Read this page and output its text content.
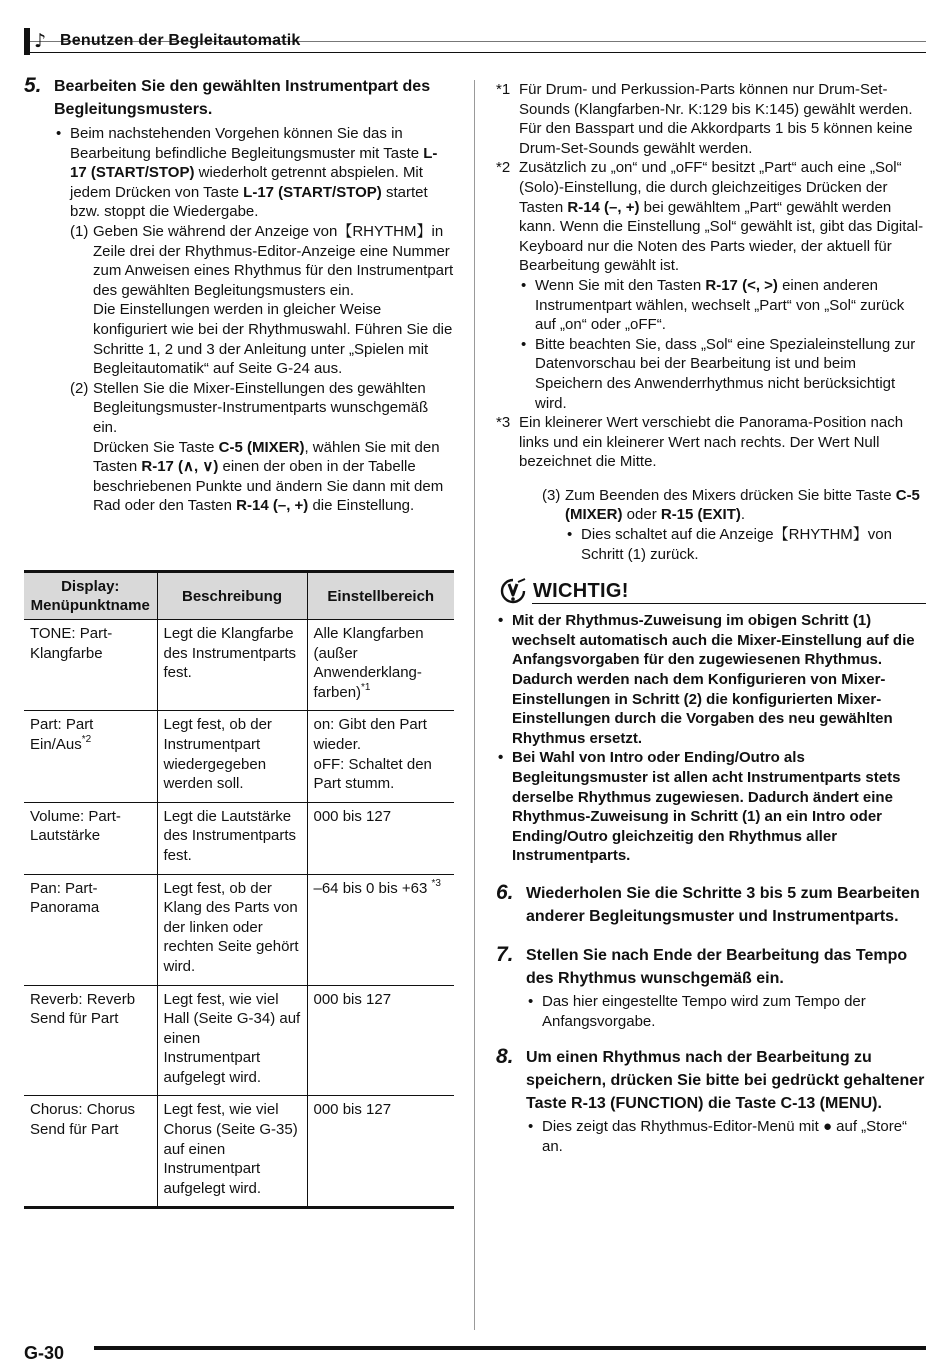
♪ Benutzen der Begleitautomatik
5. Bearbeiten Sie den gewählten Instrumentpart des Begleitungsmusters.
• Beim nachstehenden Vorgehen können Sie das in Bearbeitung befindliche Begleitungsmuster mit Taste L-17 (START/STOP) wiederholt getrennt abspielen. Mit jedem Drücken von Taste L-17 (START/STOP) startet bzw. stoppt die Wiedergabe.
(1) Geben Sie während der Anzeige von【RHYTHM】in Zeile drei der Rhythmus-Editor-Anzeige eine Nummer zum Anweisen eines Rhythmus für den Instrumentpart des gewählten Begleitungsmusters ein.
Die Einstellungen werden in gleicher Weise konfiguriert wie bei der Rhythmuswahl. Führen Sie die Schritte 1, 2 und 3 der Anleitung unter „Spielen mit Begleitautomatik“ auf Seite G-24 aus.
(2) Stellen Sie die Mixer-Einstellungen des gewählten Begleitungsmuster-Instrumentparts wunschgemäß ein.
Drücken Sie Taste C-5 (MIXER), wählen Sie mit den Tasten R-17 (∧, ∨) einen der oben in der Tabelle beschriebenen Punkte und ändern Sie dann mit dem Rad oder den Tasten R-14 (–, +) die Einstellung.
Display: Menüpunktname	Beschreibung	Einstellbereich
TONE: Part-Klangfarbe	Legt die Klangfarbe des Instrumentparts fest.	Alle Klangfarben (außer Anwenderklang-farben)$^{*1}$
Part: Part Ein/Aus$^{*2}$	Legt fest, ob der Instrumentpart wiedergegeben werden soll.	on: Gibt den Part wieder.
oFF: Schaltet den Part stumm.

Volume: Part-Lautstärke	Legt die Lautstärke des Instrumentparts fest.	000 bis 127
Pan: Part-Panorama	Legt fest, ob der Klang des Parts von der linken oder rechten Seite gehört wird.	–64 bis 0 bis +63 $^{*3}$
Reverb: Reverb Send für Part	Legt fest, wie viel Hall (Seite G-34) auf einen Instrumentpart aufgelegt wird.	000 bis 127
Chorus: Chorus Send für Part	Legt fest, wie viel Chorus (Seite G-35) auf einen Instrumentpart aufgelegt wird.	000 bis 127
*1 Für Drum- und Perkussion-Parts können nur Drum-Set-Sounds (Klangfarben-Nr. K:129 bis K:145) gewählt werden. Für den Basspart und die Akkordparts 1 bis 5 können keine Drum-Set-Sounds gewählt werden.
*2 Zusätzlich zu „on“ und „oFF“ besitzt „Part“ auch eine „Sol“ (Solo)-Einstellung, die durch gleichzeitiges Drücken der Tasten R-14 (–, +) bei gewähltem „Part“ gewählt werden kann. Wenn die Einstellung „Sol“ gewählt ist, gibt das Digital-Keyboard nur die Noten des Parts wieder, der aktuell für Bearbeitung gewählt ist.
• Wenn Sie mit den Tasten R-17 (<, >) einen anderen Instrumentpart wählen, wechselt „Part“ von „Sol“ zurück auf „on“ oder „oFF“.
• Bitte beachten Sie, dass „Sol“ eine Spezialeinstellung zur Datenvorschau bei der Bearbeitung ist und beim Speichern des Anwenderrhythmus nicht berücksichtigt wird.
*3 Ein kleinerer Wert verschiebt die Panorama-Position nach links und ein kleinerer Wert nach rechts. Der Wert Null bezeichnet die Mitte.
(3) Zum Beenden des Mixers drücken Sie bitte Taste C-5 (MIXER) oder R-15 (EXIT).
• Dies schaltet auf die Anzeige【RHYTHM】von Schritt (1) zurück.
WICHTIG!
• Mit der Rhythmus-Zuweisung im obigen Schritt (1) wechselt automatisch auch die Mixer-Einstellung auf die Anfangsvorgaben für den zugewiesenen Rhythmus. Dadurch werden nach dem Konfigurieren von Mixer-Einstellungen in Schritt (2) die konfigurierten Mixer-Einstellungen durch die Vorgaben des neu gewählten Rhythmus ersetzt.
• Bei Wahl von Intro oder Ending/Outro als Begleitungsmuster ist allen acht Instrumentparts stets derselbe Rhythmus zugewiesen. Dadurch ändert eine Rhythmus-Zuweisung in Schritt (1) an ein Intro oder Ending/Outro gleichzeitig den Rhythmus aller Instrumentparts.
6. Wiederholen Sie die Schritte 3 bis 5 zum Bearbeiten anderer Begleitungsmuster und Instrumentparts.
7. Stellen Sie nach Ende der Bearbeitung das Tempo des Rhythmus wunschgemäß ein.
• Das hier eingestellte Tempo wird zum Tempo der Anfangsvorgabe.
8. Um einen Rhythmus nach der Bearbeitung zu speichern, drücken Sie bitte bei gedrückt gehaltener Taste R-13 (FUNCTION) die Taste C-13 (MENU).
• Dies zeigt das Rhythmus-Editor-Menü mit ● auf „Store“ an.
G-30
